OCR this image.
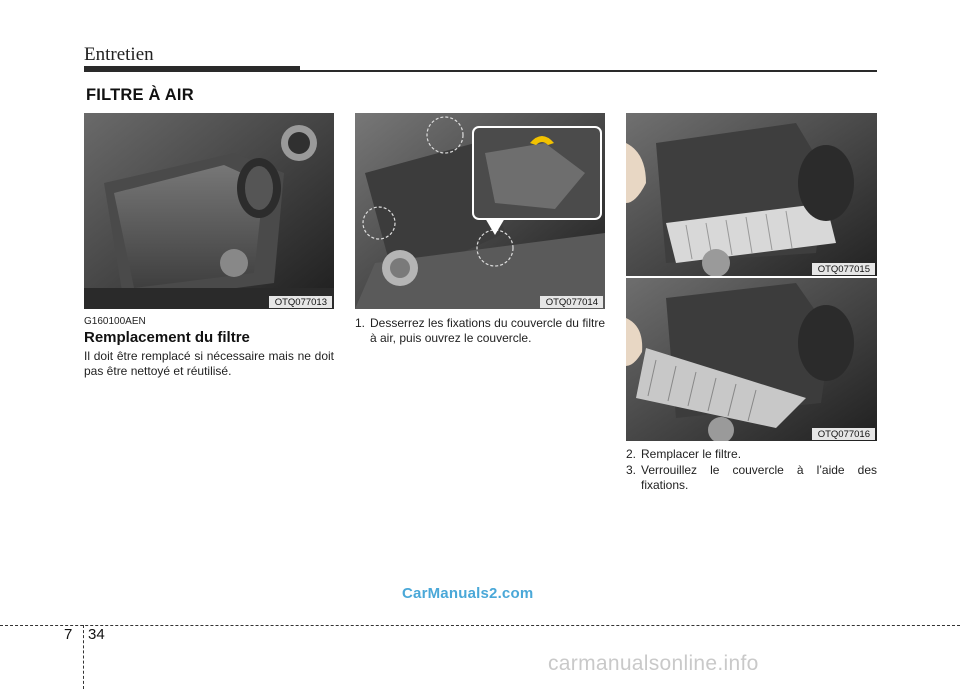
Entretien
FILTRE À AIR
OTQ077013	OTQ077014
OTQ077015
OTQ077016
G160100AEN
Remplacement du filtre
Il doit être remplacé si nécessaire mais ne doit pas être nettoyé et réutilisé.
1. Desserrez les fixations du couvercle du filtre à air, puis ouvrez le couvercle.
2. Remplacer le filtre.
3. Verrouillez le couvercle à l’aide des fixations.
CarManuals2.com
7 34
carmanualsonline.info
